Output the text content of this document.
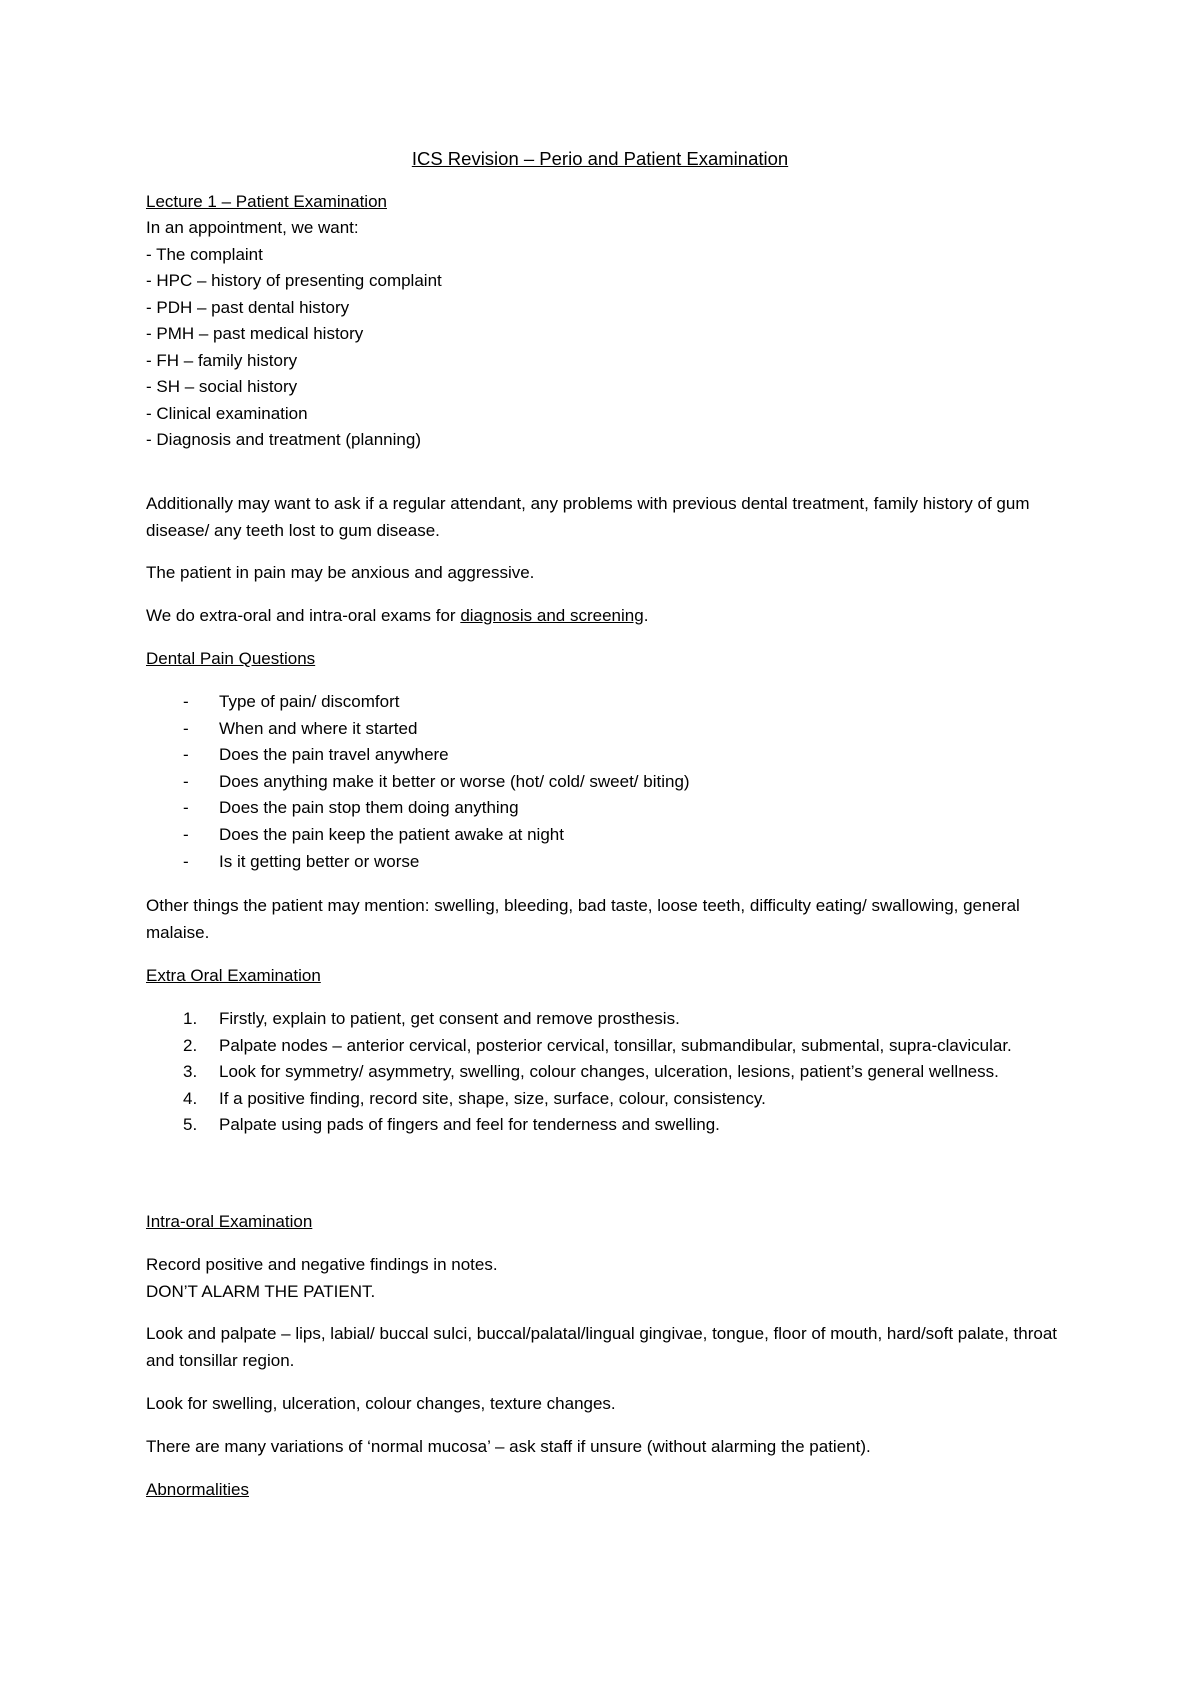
ICS Revision – Perio and Patient Examination
Lecture 1 – Patient Examination

In an appointment, we want:

- The complaint

- HPC – history of presenting complaint

- PDH – past dental history

- PMH – past medical history

- FH – family history

- SH – social history

- Clinical examination

- Diagnosis and treatment (planning)

Additionally may want to ask if a regular attendant, any problems with previous dental treatment, family history of gum disease/ any teeth lost to gum disease.

The patient in pain may be anxious and aggressive.

We do extra-oral and intra-oral exams for diagnosis and screening.

Dental Pain Questions
- Type of pain/ discomfort
- When and where it started
- Does the pain travel anywhere
- Does anything make it better or worse (hot/ cold/ sweet/ biting)
- Does the pain stop them doing anything
- Does the pain keep the patient awake at night
- Is it getting better or worse

Other things the patient may mention: swelling, bleeding, bad taste, loose teeth, difficulty eating/ swallowing, general malaise.

Extra Oral Examination
1. Firstly, explain to patient, get consent and remove prosthesis.
2. Palpate nodes – anterior cervical, posterior cervical, tonsillar, submandibular, submental, supra-clavicular.
3. Look for symmetry/ asymmetry, swelling, colour changes, ulceration, lesions, patient’s general wellness.
4. If a positive finding, record site, shape, size, surface, colour, consistency.
5. Palpate using pads of fingers and feel for tenderness and swelling.
Intra-oral Examination

Record positive and negative findings in notes.

DON’T ALARM THE PATIENT.

Look and palpate – lips, labial/ buccal sulci, buccal/palatal/lingual gingivae, tongue, floor of mouth, hard/soft palate, throat and tonsillar region.

Look for swelling, ulceration, colour changes, texture changes.

There are many variations of ‘normal mucosa’ – ask staff if unsure (without alarming the patient).

Abnormalities
